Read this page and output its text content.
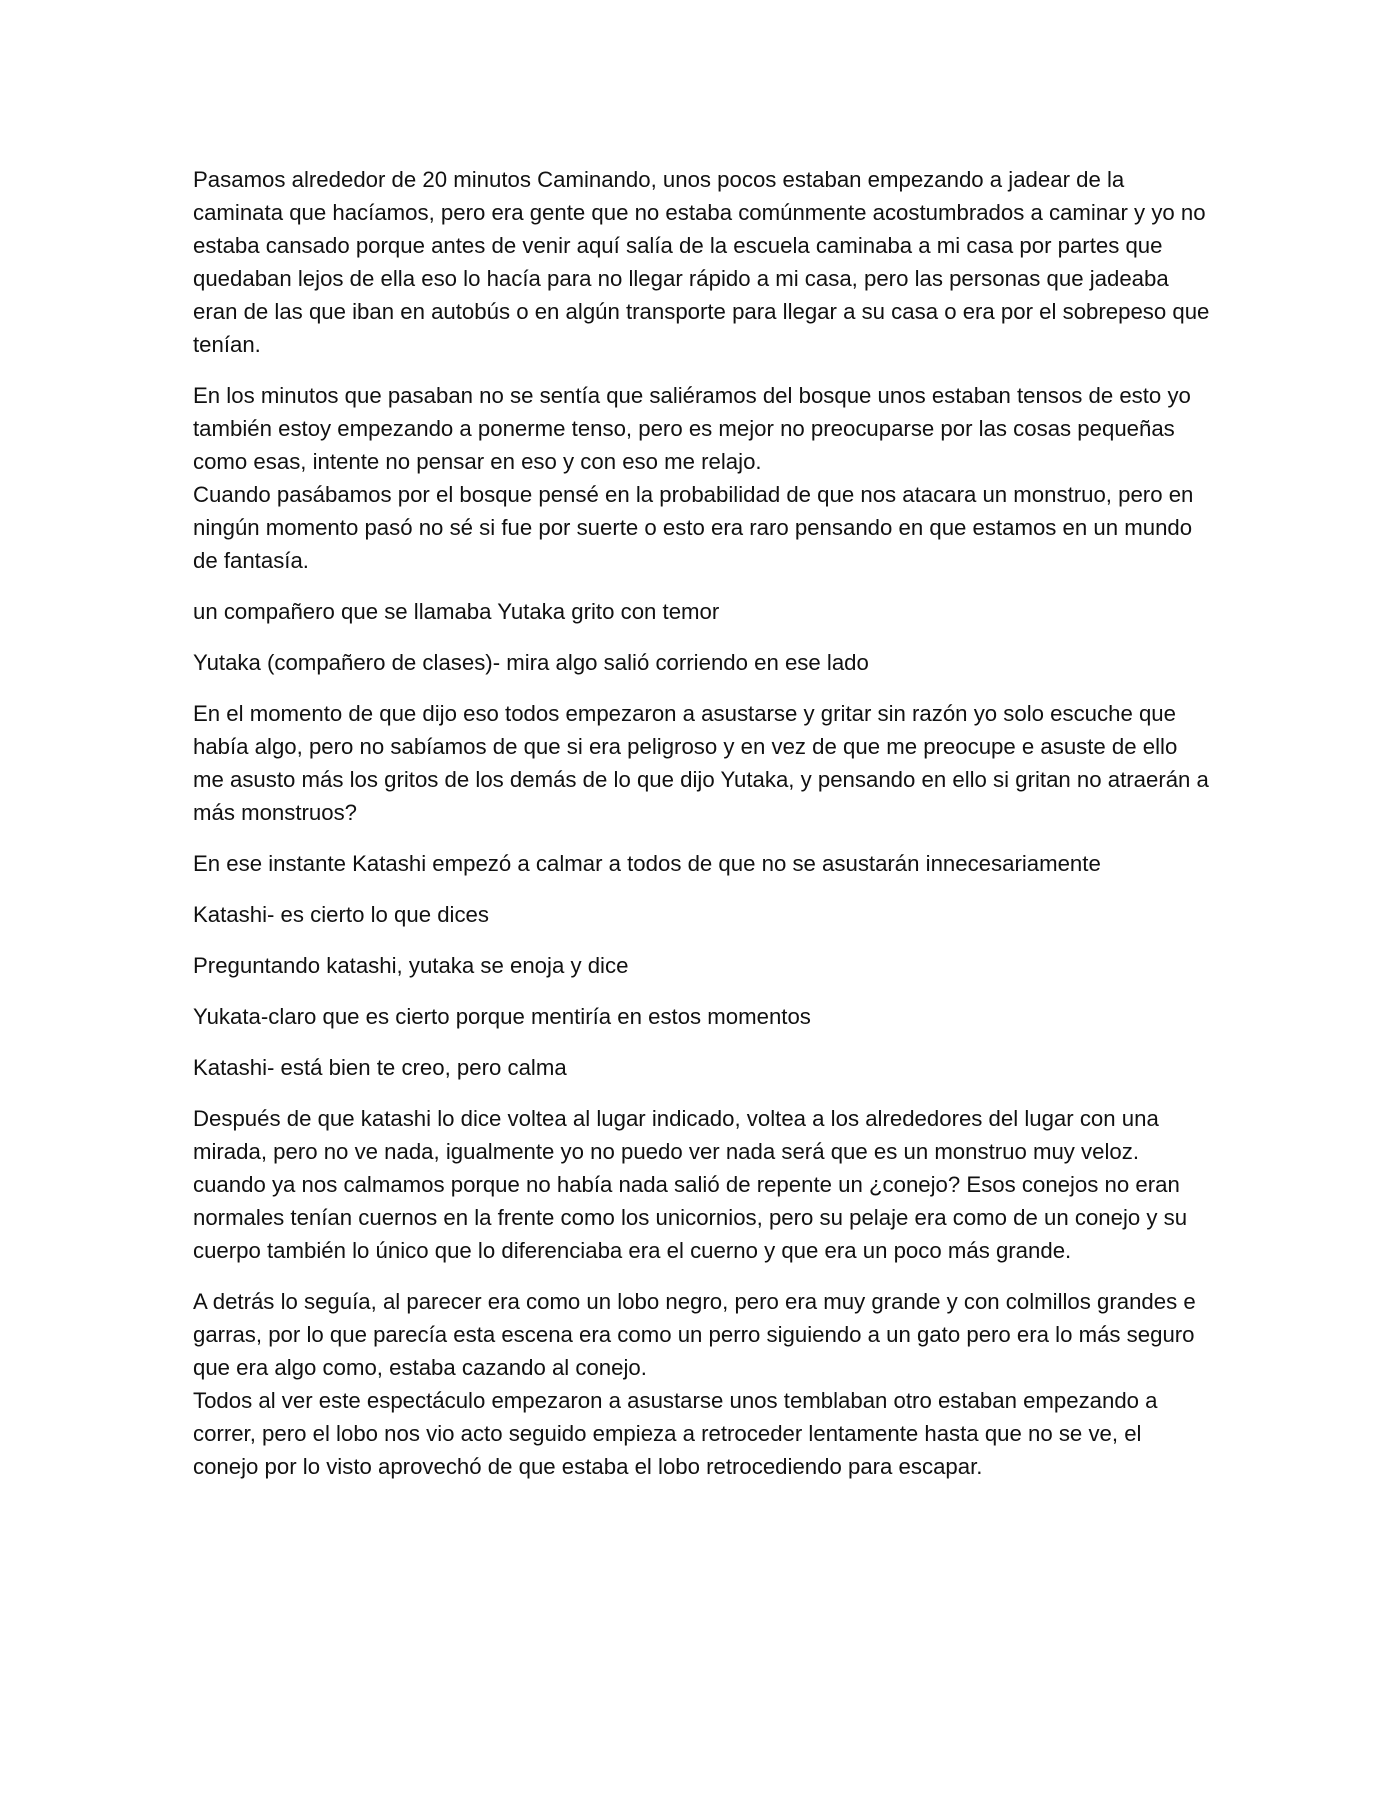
Pasamos alrededor de 20 minutos Caminando, unos pocos estaban empezando a jadear de la caminata que hacíamos, pero era gente que no estaba comúnmente acostumbrados a caminar y yo no estaba cansado porque antes de venir aquí salía de la escuela caminaba a mi casa por partes que quedaban lejos de ella eso lo hacía para no llegar rápido a mi casa, pero las personas que jadeaba eran de las que iban en autobús o en algún transporte para llegar a su casa o era por el sobrepeso que tenían.

En los minutos que pasaban no se sentía que saliéramos del bosque unos estaban tensos de esto yo también estoy empezando a ponerme tenso, pero es mejor no preocuparse por las cosas pequeñas como esas, intente no pensar en eso y con eso me relajo.

Cuando pasábamos por el bosque pensé en la probabilidad de que nos atacara un monstruo, pero en ningún momento pasó no sé si fue por suerte o esto era raro pensando en que estamos en un mundo de fantasía.

un compañero que se llamaba Yutaka grito con temor

Yutaka (compañero de clases)- mira algo salió corriendo en ese lado

En el momento de que dijo eso todos empezaron a asustarse y gritar sin razón yo solo escuche que había algo, pero no sabíamos de que si era peligroso y en vez de que me preocupe e asuste de ello me asusto más los gritos de los demás de lo que dijo Yutaka, y pensando en ello si gritan no atraerán a más monstruos?

En ese instante Katashi empezó a calmar a todos de que no se asustarán innecesariamente

Katashi- es cierto lo que dices

Preguntando katashi, yutaka se enoja y dice

Yukata-claro que es cierto porque mentiría en estos momentos

Katashi- está bien te creo, pero calma

Después de que katashi lo dice voltea al lugar indicado, voltea a los alrededores del lugar con una mirada, pero no ve nada, igualmente yo no puedo ver nada será que es un monstruo muy veloz. cuando ya nos calmamos porque no había nada salió de repente un ¿conejo? Esos conejos no eran normales tenían cuernos en la frente como los unicornios, pero su pelaje era como de un conejo y su cuerpo también lo único que lo diferenciaba era el cuerno y que era un poco más grande.

A detrás lo seguía, al parecer era como un lobo negro, pero era muy grande y con colmillos grandes e garras, por lo que parecía esta escena era como un perro siguiendo a un gato pero era lo más seguro que era algo como, estaba cazando al conejo.

Todos al ver este espectáculo empezaron a asustarse unos temblaban otro estaban empezando a correr, pero el lobo nos vio acto seguido empieza a retroceder lentamente hasta que no se ve, el conejo por lo visto aprovechó de que estaba el lobo retrocediendo para escapar.
